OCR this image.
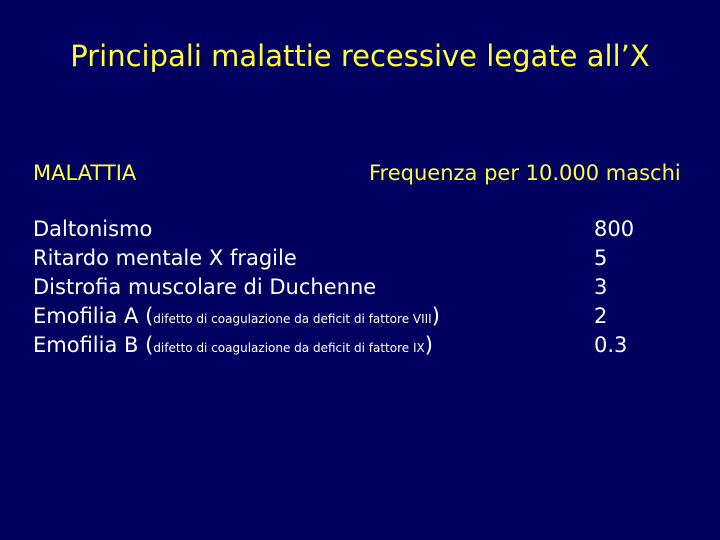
Principali malattie recessive legate all’X
MALATTIA	Frequenza per 10.000 maschi
Daltonismo	800
Ritardo mentale X fragile	5
Distrofia muscolare di Duchenne	3
Emofilia A (difetto di coagulazione da deficit di fattore VIII)	2
Emofilia B (difetto di coagulazione da deficit di fattore IX)	0.3
